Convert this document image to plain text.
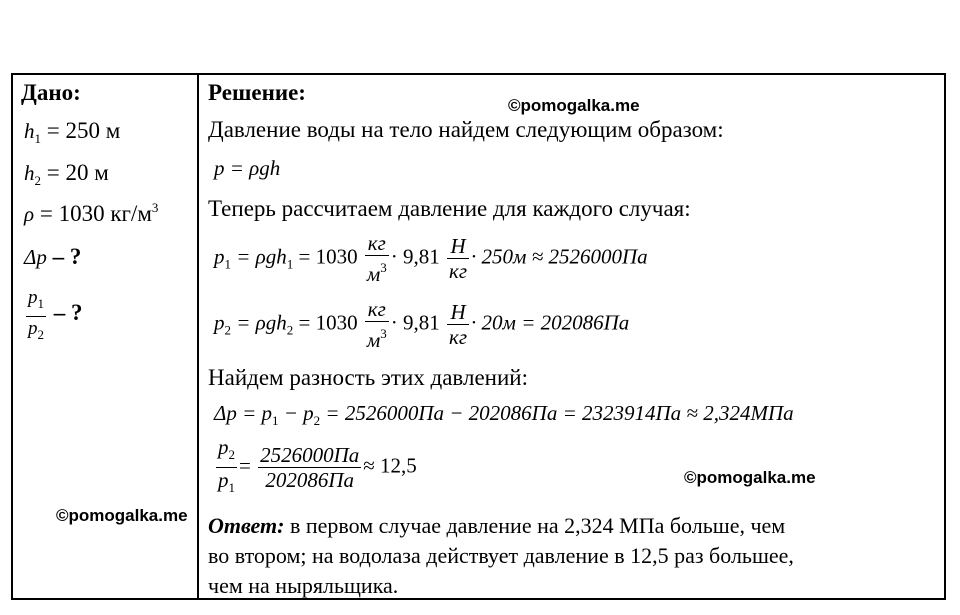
Дано:
$h_1 = 250$ м
$h_2 = 20$ м
ρ = 1030 $кг/м^3$
Δp – ?
$\frac{p_1}{p_2}$ – ?
©pomogalka.me
Решение:
©pomogalka.me
Давление воды на тело найдем следующим образом:
p = ρgh
Теперь рассчитаем давление для каждого случая:
$p_1 = \rho gh_1 = 1030 \frac{кг}{м^3} \cdot 9,81 \frac{Н}{кг} \cdot 250м \approx 2526000Па$
$p_2 = \rho gh_2 = 1030 \frac{кг}{м^3} \cdot 9,81 \frac{Н}{кг} \cdot 20м = 202086Па$
Найдем разность этих давлений:
$\Delta p = p_1 - p_2 = 2526000Па - 202086Па = 2323914Па \approx 2,324МПа$
$\frac{p_2}{p_1} = \frac{2526000Па}{202086Па} \approx 12,5$
©pomogalka.me
Ответ: в первом случае давление на 2,324 МПа больше, чем
во втором; на водолаза действует давление в 12,5 раз большее,
чем на ныряльщика.
